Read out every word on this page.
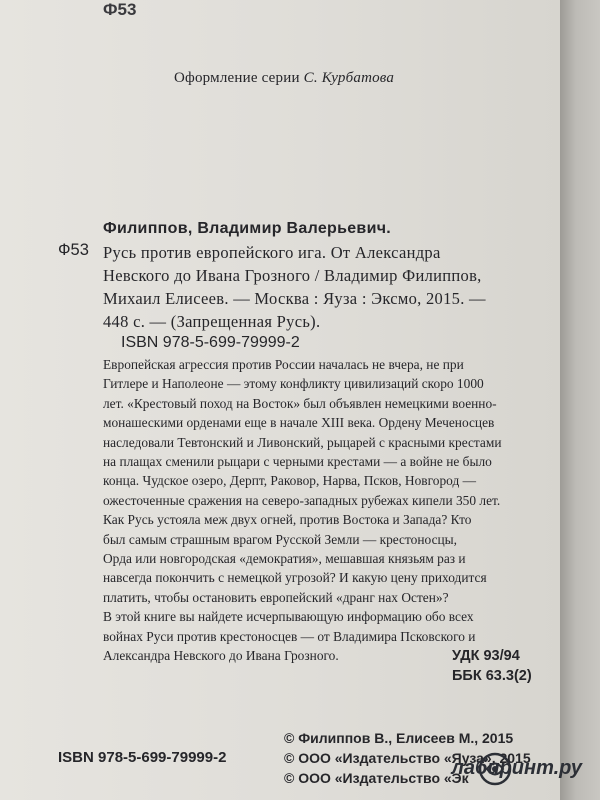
Ф53
Оформление серии С. Курбатова
Филиппов, Владимир Валерьевич.
Ф53 Русь против европейского ига. От Александра
Невского до Ивана Грозного / Владимир Филиппов,
Михаил Елисеев. — Москва : Яуза : Эксмо, 2015. —
448 с. — (Запрещенная Русь).
ISBN 978-5-699-79999-2
Европейская агрессия против России началась не вчера, не при
Гитлере и Наполеоне — этому конфликту цивилизаций скоро 1000
лет. «Крестовый поход на Восток» был объявлен немецкими военно-
монашескими орденами еще в начале XIII века. Ордену Меченосцев
наследовали Тевтонский и Ливонский, рыцарей с красными крестами
на плащах сменили рыцари с черными крестами — а войне не было
конца. Чудское озеро, Дерпт, Раковор, Нарва, Псков, Новгород —
ожесточенные сражения на северо-западных рубежах кипели 350 лет.
Как Русь устояла меж двух огней, против Востока и Запада? Кто
был самым страшным врагом Русской Земли — крестоносцы,
Орда или новгородская «демократия», мешавшая князьям раз и
навсегда покончить с немецкой угрозой? И какую цену приходится
платить, чтобы остановить европейский «дранг нах Остен»?
В этой книге вы найдете исчерпывающую информацию обо всех
войнах Руси против крестоносцев — от Владимира Псковского и
Александра Невского до Ивана Грозного.	УДК 93/94
ББК 63.3(2)
ISBN 978-5-699-79999-2
© Филиппов В., Елисеев М., 2015
© ООО «Издательство «Яуза», 2015
© ООО «Издательство «Эк
лабиринт.ру
